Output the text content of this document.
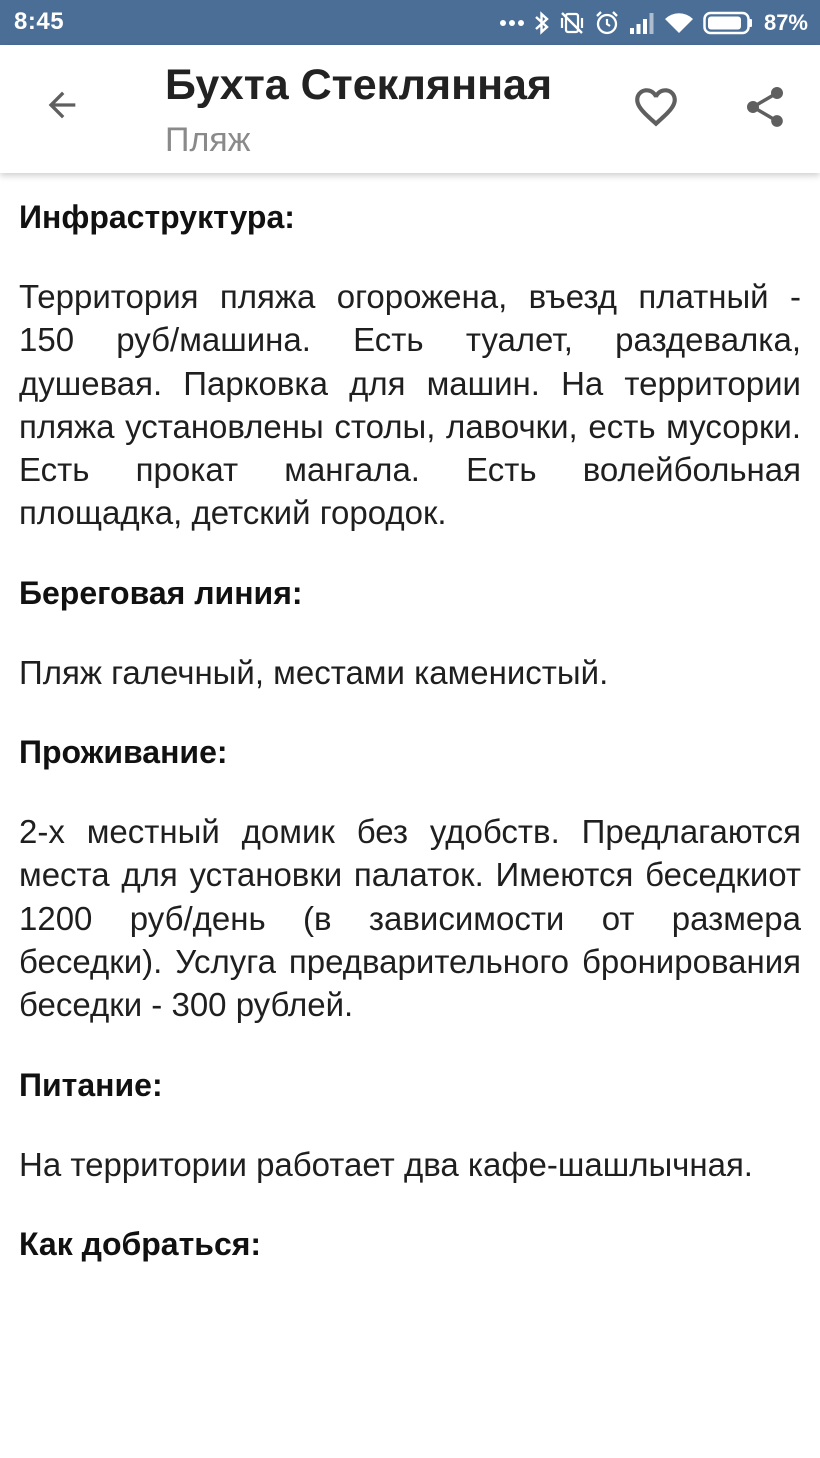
8:45	87%
Бухта Стеклянная
Пляж

Инфраструктура:

Территория пляжа огорожена, въезд платный - 150 руб/машина. Есть туалет, раздевалка, душевая. Парковка для машин. На территории пляжа установлены столы, лавочки, есть мусорки. Есть прокат мангала. Есть волейбольная площадка, детский городок.

Береговая линия:

Пляж галечный, местами каменистый.

Проживание:

2-х местный домик без удобств. Предлагаются места для установки палаток. Имеются беседкиот 1200 руб/день (в зависимости от размера беседки). Услуга предварительного бронирования беседки - 300 рублей.

Питание:

На территории работает два кафе-шашлычная.

Как добраться:
